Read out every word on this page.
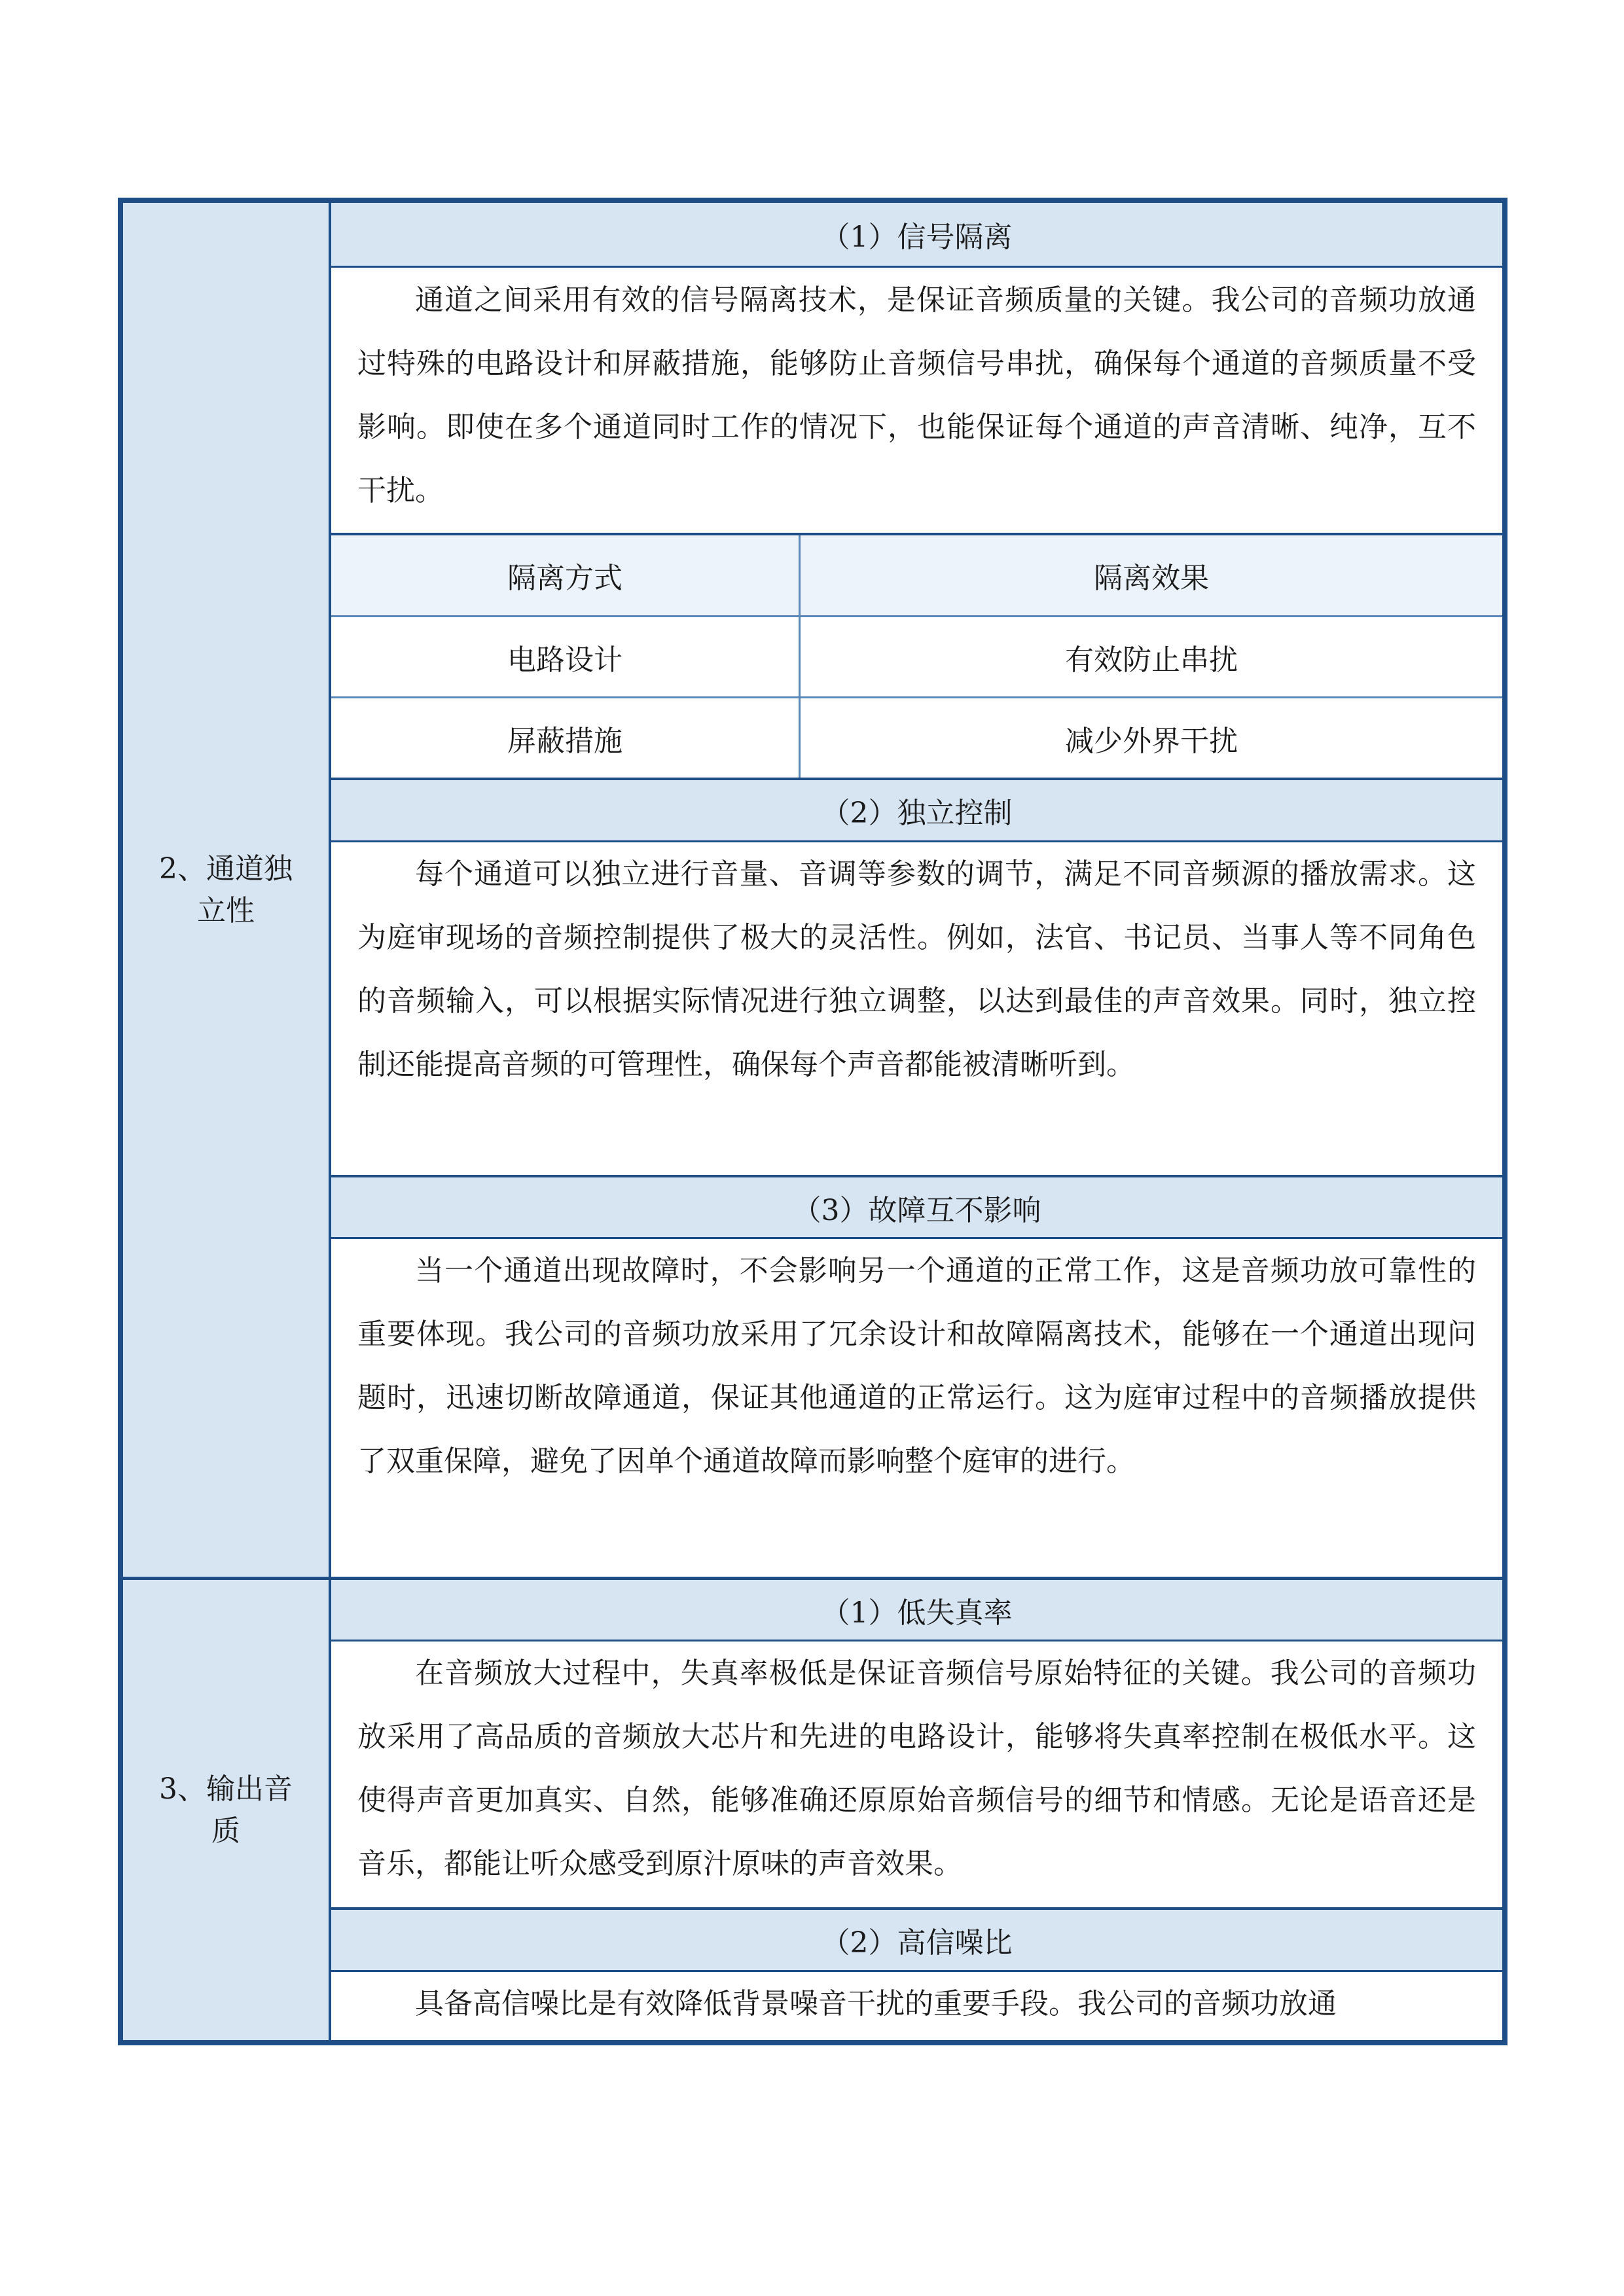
2、通道独立性
（1）信号隔离

通道之间采用有效的信号隔离技术，是保证音频质量的关键。我公司的音频功放通过特殊的电路设计和屏蔽措施，能够防止音频信号串扰，确保每个通道的音频质量不受影响。即使在多个通道同时工作的情况下，也能保证每个通道的声音清晰、纯净，互不干扰。

隔离方式	隔离效果
电路设计	有效防止串扰
屏蔽措施	减少外界干扰
（2）独立控制

每个通道可以独立进行音量、音调等参数的调节，满足不同音频源的播放需求。这为庭审现场的音频控制提供了极大的灵活性。例如，法官、书记员、当事人等不同角色的音频输入，可以根据实际情况进行独立调整，以达到最佳的声音效果。同时，独立控制还能提高音频的可管理性，确保每个声音都能被清晰听到。

（3）故障互不影响

当一个通道出现故障时，不会影响另一个通道的正常工作，这是音频功放可靠性的重要体现。我公司的音频功放采用了冗余设计和故障隔离技术，能够在一个通道出现问题时，迅速切断故障通道，保证其他通道的正常运行。这为庭审过程中的音频播放提供了双重保障，避免了因单个通道故障而影响整个庭审的进行。

3、输出音质
（1）低失真率

在音频放大过程中，失真率极低是保证音频信号原始特征的关键。我公司的音频功放采用了高品质的音频放大芯片和先进的电路设计，能够将失真率控制在极低水平。这使得声音更加真实、自然，能够准确还原原始音频信号的细节和情感。无论是语音还是音乐，都能让听众感受到原汁原味的声音效果。

（2）高信噪比

具备高信噪比是有效降低背景噪音干扰的重要手段。我公司的音频功放通
